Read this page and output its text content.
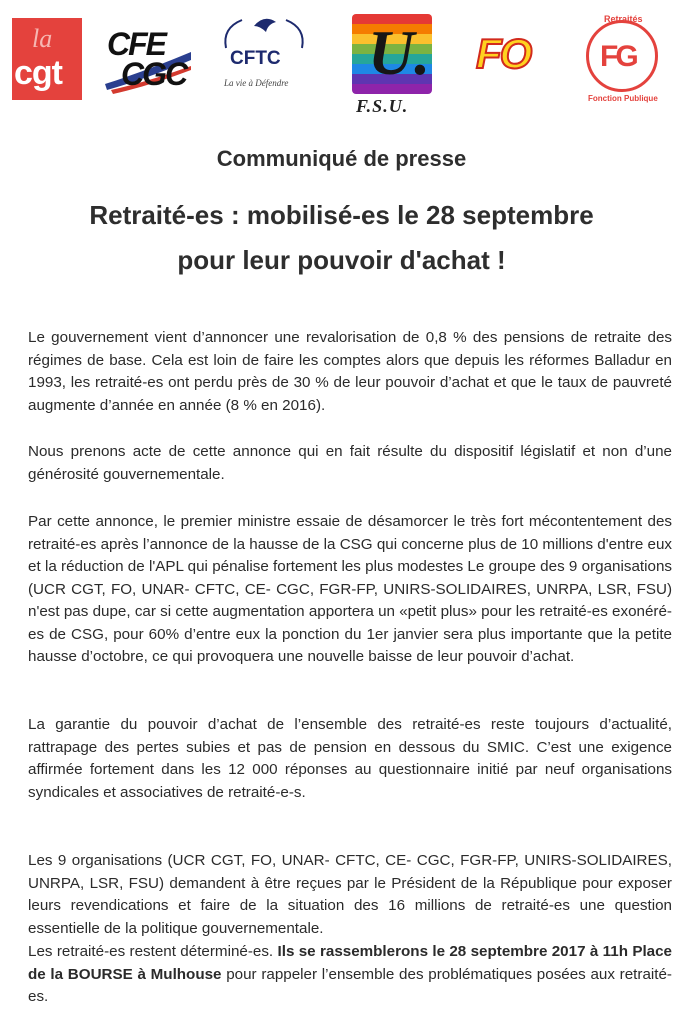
la
cgt
CFE
CGC CFTC
La vie à Défendre U.
F.S.U.
FO
Retraités
FG
Fonction Publique
Communiqué de presse
Retraité-es : mobilisé-es le 28 septembre
pour leur pouvoir d'achat !

Le gouvernement vient d’annoncer une revalorisation de 0,8 % des pensions de retraite des régimes de base. Cela est loin de faire les comptes alors que depuis les réformes Balladur en 1993, les retraité-es ont perdu près de 30 % de leur pouvoir d’achat et que le taux de pauvreté augmente d’année en année (8 % en 2016).

Nous prenons acte de cette annonce qui en fait résulte du dispositif législatif et non d’une générosité gouvernementale.

Par cette annonce, le premier ministre essaie de désamorcer le très fort mécontentement des retraité-es après l’annonce de la hausse de la CSG qui concerne plus de 10 millions d'entre eux et la réduction de l'APL qui pénalise fortement les plus modestes Le groupe des 9 organisations (UCR CGT, FO, UNAR- CFTC, CE- CGC, FGR-FP, UNIRS-SOLIDAIRES, UNRPA, LSR, FSU) n'est pas dupe, car si cette augmentation apportera un «petit plus» pour les retraité-es exonéré-es de CSG, pour 60% d’entre eux la ponction du 1er janvier sera plus importante que la petite hausse d’octobre, ce qui provoquera une nouvelle baisse de leur pouvoir d’achat.

La garantie du pouvoir d’achat de l’ensemble des retraité-es reste toujours d’actualité, rattrapage des pertes subies et pas de pension en dessous du SMIC. C’est une exigence affirmée fortement dans les 12 000 réponses au questionnaire initié par neuf organisations syndicales et associatives de retraité-e-s.

Les 9 organisations (UCR CGT, FO, UNAR- CFTC, CE- CGC, FGR-FP, UNIRS-SOLIDAIRES, UNRPA, LSR, FSU) demandent à être reçues par le Président de la République pour exposer leurs revendications et faire de la situation des 16 millions de retraité-es une question essentielle de la politique gouvernementale.

Les retraité-es restent déterminé-es. Ils se rassemblerons le 28 septembre 2017 à 11h Place de la BOURSE à Mulhouse pour rappeler l’ensemble des problématiques posées aux retraité-es.
